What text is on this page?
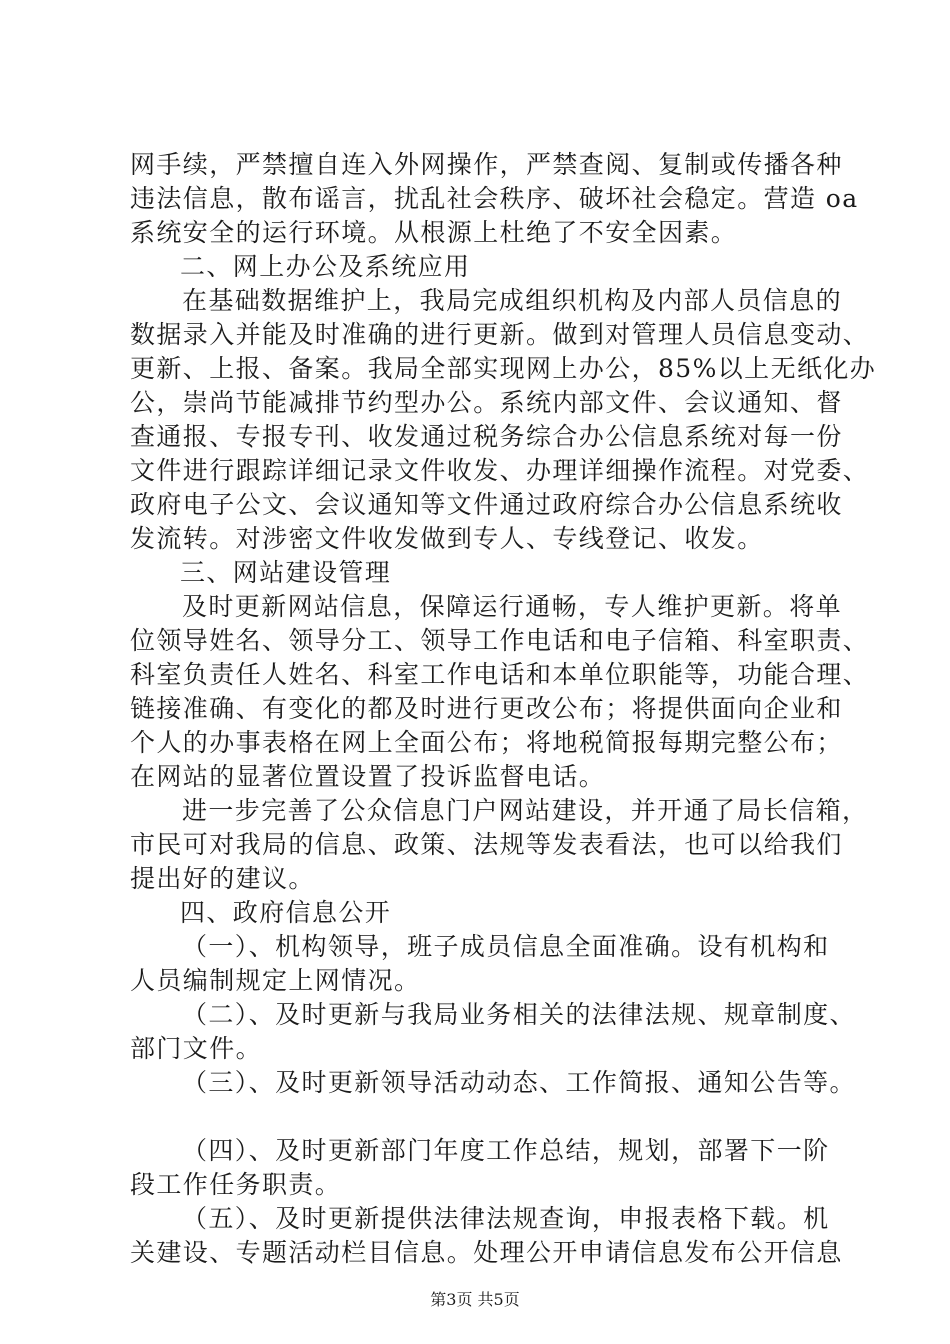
网手续，严禁擅自连入外网操作，严禁查阅、复制或传播各种
违法信息，散布谣言，扰乱社会秩序、破坏社会稳定。营造 oa
系统安全的运行环境。从根源上杜绝了不安全因素。
二、网上办公及系统应用
在基础数据维护上，我局完成组织机构及内部人员信息的
数据录入并能及时准确的进行更新。做到对管理人员信息变动、
更新、上报、备案。我局全部实现网上办公，85%以上无纸化办
公，崇尚节能减排节约型办公。系统内部文件、会议通知、督
查通报、专报专刊、收发通过税务综合办公信息系统对每一份
文件进行跟踪详细记录文件收发、办理详细操作流程。对党委、
政府电子公文、会议通知等文件通过政府综合办公信息系统收
发流转。对涉密文件收发做到专人、专线登记、收发。
三、网站建设管理
及时更新网站信息，保障运行通畅，专人维护更新。将单
位领导姓名、领导分工、领导工作电话和电子信箱、科室职责、
科室负责任人姓名、科室工作电话和本单位职能等，功能合理、
链接准确、有变化的都及时进行更改公布；将提供面向企业和
个人的办事表格在网上全面公布；将地税简报每期完整公布；
在网站的显著位置设置了投诉监督电话。
进一步完善了公众信息门户网站建设，并开通了局长信箱，
市民可对我局的信息、政策、法规等发表看法，也可以给我们
提出好的建议。
四、政府信息公开
（一）、机构领导，班子成员信息全面准确。设有机构和
人员编制规定上网情况。
（二）、及时更新与我局业务相关的法律法规、规章制度、
部门文件。
（三）、及时更新领导活动动态、工作简报、通知公告等。
（四）、及时更新部门年度工作总结，规划，部署下一阶
段工作任务职责。
（五）、及时更新提供法律法规查询，申报表格下载。机
关建设、专题活动栏目信息。处理公开申请信息发布公开信息
第3页 共5页
